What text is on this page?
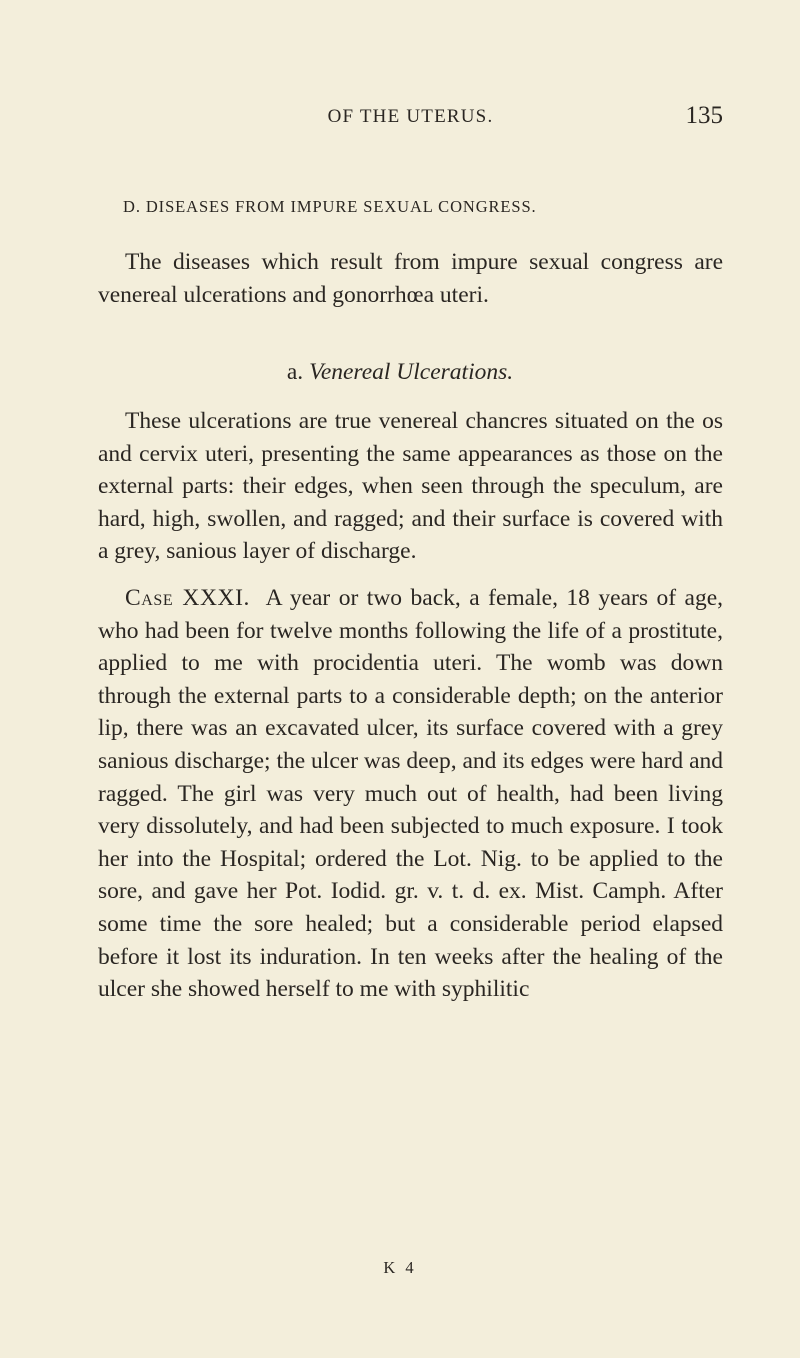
OF THE UTERUS.	135
D. DISEASES FROM IMPURE SEXUAL CONGRESS.

The diseases which result from impure sexual congress are venereal ulcerations and gonorrhœa uteri.

a. Venereal Ulcerations.

These ulcerations are true venereal chancres situated on the os and cervix uteri, presenting the same appearances as those on the external parts: their edges, when seen through the speculum, are hard, high, swollen, and ragged; and their surface is covered with a grey, sanious layer of discharge.

Case XXXI. A year or two back, a female, 18 years of age, who had been for twelve months following the life of a prostitute, applied to me with procidentia uteri. The womb was down through the external parts to a considerable depth; on the anterior lip, there was an excavated ulcer, its surface covered with a grey sanious discharge; the ulcer was deep, and its edges were hard and ragged. The girl was very much out of health, had been living very dissolutely, and had been subjected to much exposure. I took her into the Hospital; ordered the Lot. Nig. to be applied to the sore, and gave her Pot. Iodid. gr. v. t. d. ex. Mist. Camph. After some time the sore healed; but a considerable period elapsed before it lost its induration. In ten weeks after the healing of the ulcer she showed herself to me with syphilitic

K 4
